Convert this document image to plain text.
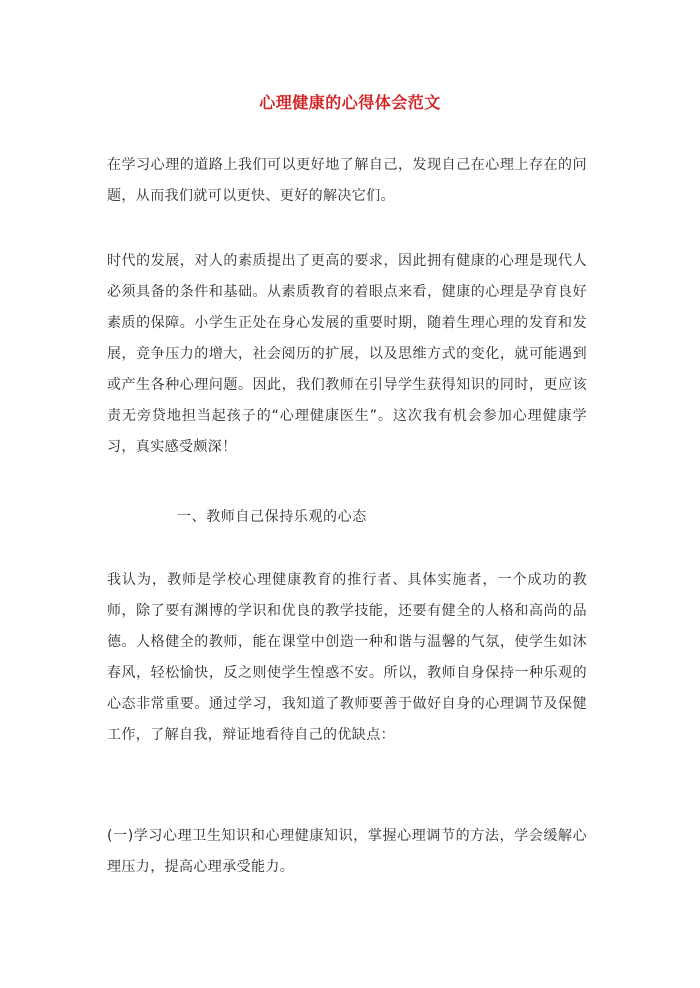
心理健康的心得体会范文
在学习心理的道路上我们可以更好地了解自己，发现自己在心理上存在的问题，从而我们就可以更快、更好的解决它们。
时代的发展，对人的素质提出了更高的要求，因此拥有健康的心理是现代人必须具备的条件和基础。从素质教育的着眼点来看，健康的心理是孕育良好素质的保障。小学生正处在身心发展的重要时期，随着生理心理的发育和发展，竞争压力的增大，社会阅历的扩展，以及思维方式的变化，就可能遇到或产生各种心理问题。因此，我们教师在引导学生获得知识的同时，更应该责无旁贷地担当起孩子的“心理健康医生”。这次我有机会参加心理健康学习，真实感受颇深！
一、教师自己保持乐观的心态
我认为，教师是学校心理健康教育的推行者、具体实施者，一个成功的教师，除了要有渊博的学识和优良的教学技能，还要有健全的人格和高尚的品德。人格健全的教师，能在课堂中创造一种和谐与温馨的气氛，使学生如沐春风，轻松愉快，反之则使学生惶惑不安。所以，教师自身保持一种乐观的心态非常重要。通过学习，我知道了教师要善于做好自身的心理调节及保健工作，了解自我，辩证地看待自己的优缺点：
(一)学习心理卫生知识和心理健康知识，掌握心理调节的方法，学会缓解心理压力，提高心理承受能力。
